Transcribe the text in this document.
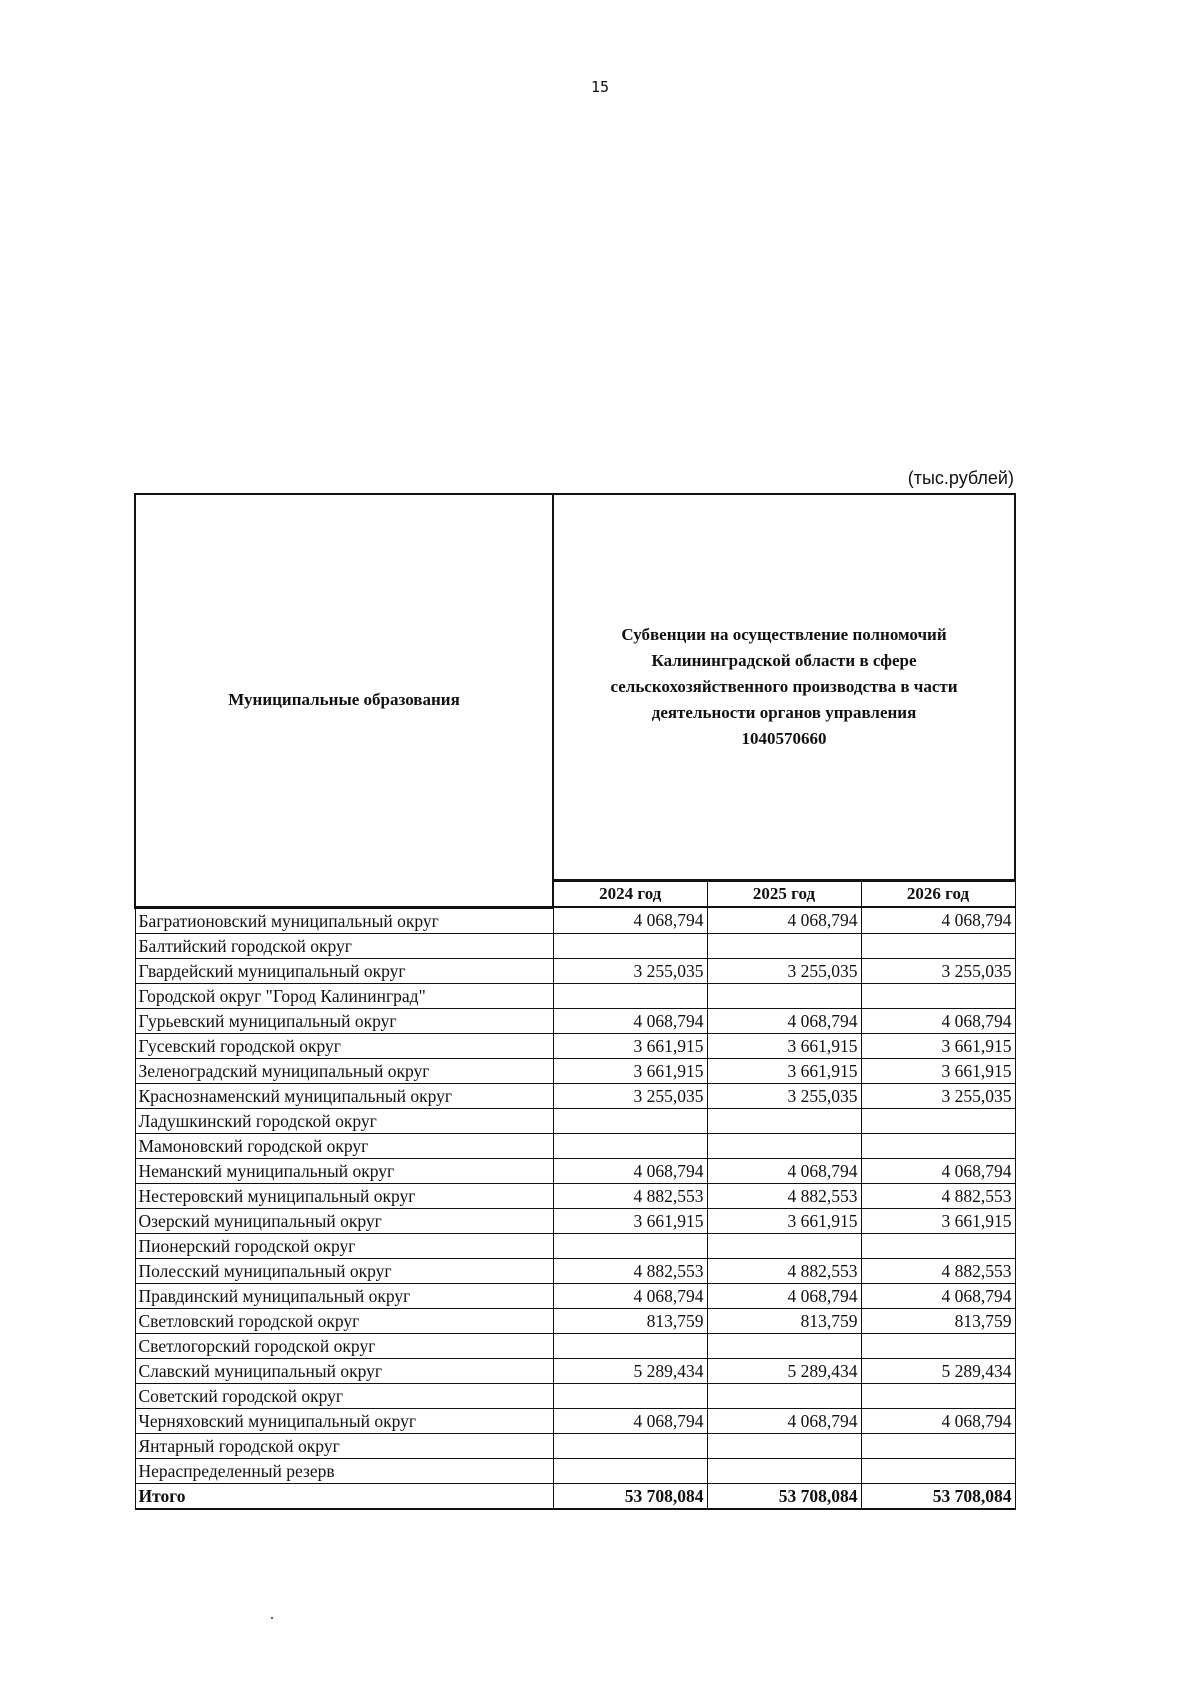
15
(тыс.рублей)
Муниципальные образования	Субвенции на осуществление полномочий
Калининградской области в сфере
сельскохозяйственного производства в части
деятельности органов управления
1040570660		

	2024 год	2025 год	2026 год
Багратионовский муниципальный округ	4 068,794	4 068,794	4 068,794
Балтийский городской округ			
Гвардейский муниципальный округ	3 255,035	3 255,035	3 255,035
Городской округ "Город Калининград"			
Гурьевский муниципальный округ	4 068,794	4 068,794	4 068,794
Гусевский городской округ	3 661,915	3 661,915	3 661,915
Зеленоградский муниципальный округ	3 661,915	3 661,915	3 661,915
Краснознаменский муниципальный округ	3 255,035	3 255,035	3 255,035
Ладушкинский городской округ			
Мамоновский городской округ			
Неманский муниципальный округ	4 068,794	4 068,794	4 068,794
Нестеровский муниципальный округ	4 882,553	4 882,553	4 882,553
Озерский муниципальный округ	3 661,915	3 661,915	3 661,915
Пионерский городской округ			
Полесский муниципальный округ	4 882,553	4 882,553	4 882,553
Правдинский муниципальный округ	4 068,794	4 068,794	4 068,794
Светловский городской округ	813,759	813,759	813,759
Светлогорский городской округ			
Славский муниципальный округ	5 289,434	5 289,434	5 289,434
Советский городской округ			
Черняховский муниципальный округ	4 068,794	4 068,794	4 068,794
Янтарный городской округ			
Нераспределенный резерв			
Итого	53 708,084	53 708,084	53 708,084
